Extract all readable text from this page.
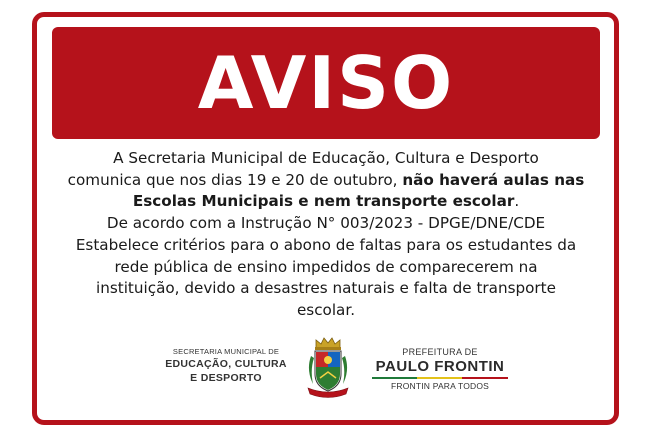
AVISO
A Secretaria Municipal de Educação, Cultura e Desporto
comunica que nos dias 19 e 20 de outubro, não haverá aulas nas
Escolas Municipais e nem transporte escolar.
De acordo com a Instrução N° 003/2023 - DPGE/DNE/CDE
Estabelece critérios para o abono de faltas para os estudantes da
rede pública de ensino impedidos de comparecerem na
instituição, devido a desastres naturais e falta de transporte
escolar.
SECRETARIA MUNICIPAL DE
EDUCAÇÃO, CULTURA
E DESPORTO
PREFEITURA DE
PAULO FRONTIN
FRONTIN PARA TODOS
